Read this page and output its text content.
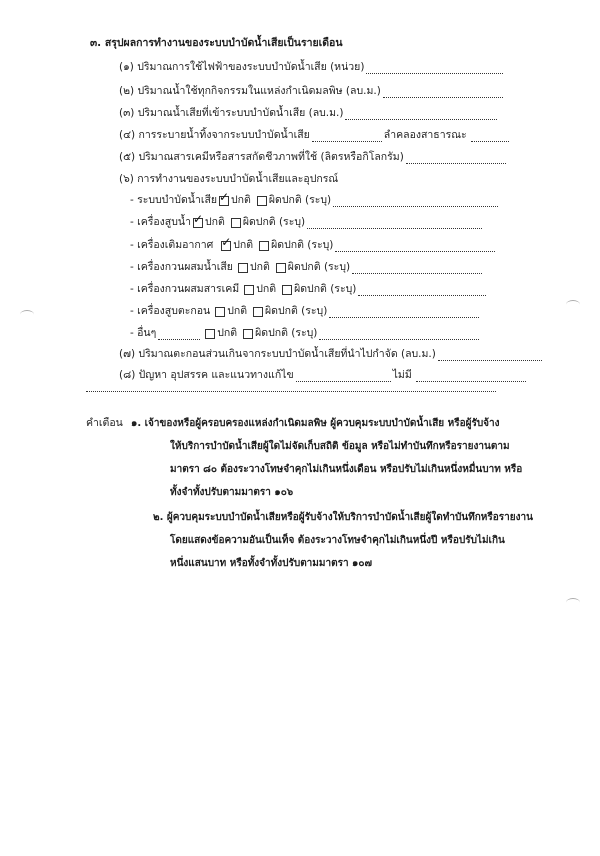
๓. สรุปผลการทำงานของระบบบำบัดน้ำเสียเป็นรายเดือน
(๑) ปริมาณการใช้ไฟฟ้าของระบบบำบัดน้ำเสีย (หน่วย)
(๒) ปริมาณน้ำใช้ทุกกิจกรรมในแหล่งกำเนิดมลพิษ (ลบ.ม.)
(๓) ปริมาณน้ำเสียที่เข้าระบบบำบัดน้ำเสีย (ลบ.ม.)
(๔) การระบายน้ำทิ้งจากระบบบำบัดน้ำเสีย	ลำคลองสาธารณะ
(๕) ปริมาณสารเคมีหรือสารสกัดชีวภาพที่ใช้ (ลิตรหรือกิโลกรัม)
(๖) การทำงานของระบบบำบัดน้ำเสียและอุปกรณ์
- ระบบบำบัดน้ำเสีย ✓ ปกติ ผิดปกติ (ระบุ)
- เครื่องสูบน้ำ ✓ ปกติ ผิดปกติ (ระบุ)
- เครื่องเติมอากาศ ✓ ปกติ ผิดปกติ (ระบุ)
- เครื่องกวนผสมน้ำเสีย ปกติ ผิดปกติ (ระบุ)
- เครื่องกวนผสมสารเคมี ปกติ ผิดปกติ (ระบุ)
- เครื่องสูบตะกอน ปกติ ผิดปกติ (ระบุ)
- อื่นๆ	ปกติ ผิดปกติ (ระบุ)
(๗) ปริมาณตะกอนส่วนเกินจากระบบบำบัดน้ำเสียที่นำไปกำจัด (ลบ.ม.)
(๘) ปัญหา อุปสรรค และแนวทางแก้ไข	ไม่มี
คำเตือน ๑. เจ้าของหรือผู้ครอบครองแหล่งกำเนิดมลพิษ ผู้ควบคุมระบบบำบัดน้ำเสีย หรือผู้รับจ้าง
ให้บริการบำบัดน้ำเสียผู้ใดไม่จัดเก็บสถิติ ข้อมูล หรือไม่ทำบันทึกหรือรายงานตาม
มาตรา ๘๐ ต้องระวางโทษจำคุกไม่เกินหนึ่งเดือน หรือปรับไม่เกินหนึ่งหมื่นบาท หรือ
ทั้งจำทั้งปรับตามมาตรา ๑๐๖
๒. ผู้ควบคุมระบบบำบัดน้ำเสียหรือผู้รับจ้างให้บริการบำบัดน้ำเสียผู้ใดทำบันทึกหรือรายงาน
โดยแสดงข้อความอันเป็นเท็จ ต้องระวางโทษจำคุกไม่เกินหนึ่งปี หรือปรับไม่เกิน
หนึ่งแสนบาท หรือทั้งจำทั้งปรับตามมาตรา ๑๐๗
